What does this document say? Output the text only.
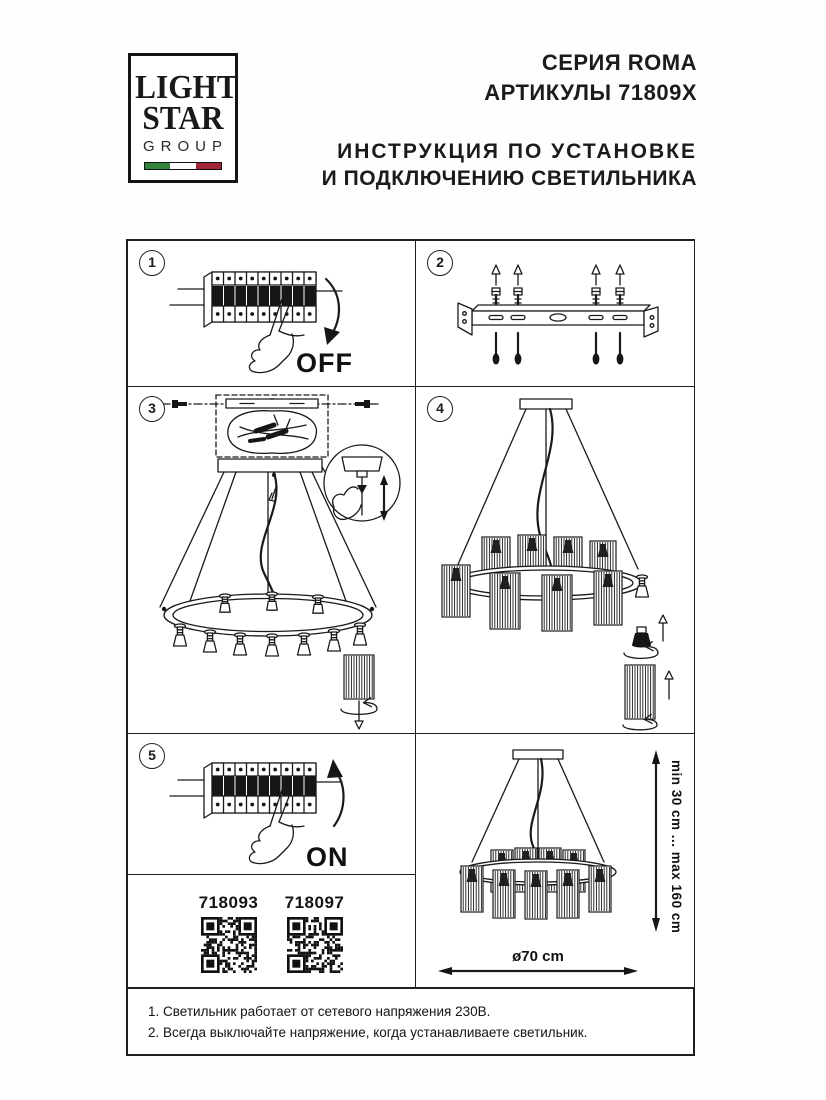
LIGHT
STAR
GROUP
СЕРИЯ ROMA
АРТИКУЛЫ 71809X
ИНСТРУКЦИЯ ПО УСТАНОВКЕ
И ПОДКЛЮЧЕНИЮ СВЕТИЛЬНИКА
1
OFF
2
3	4
5
ON
718093	718097	min 30 cm ... max 160 cm
ø70 cm
1. Светильник работает от сетевого напряжения 230В.
2. Всегда выключайте напряжение, когда устанавливаете светильник.
